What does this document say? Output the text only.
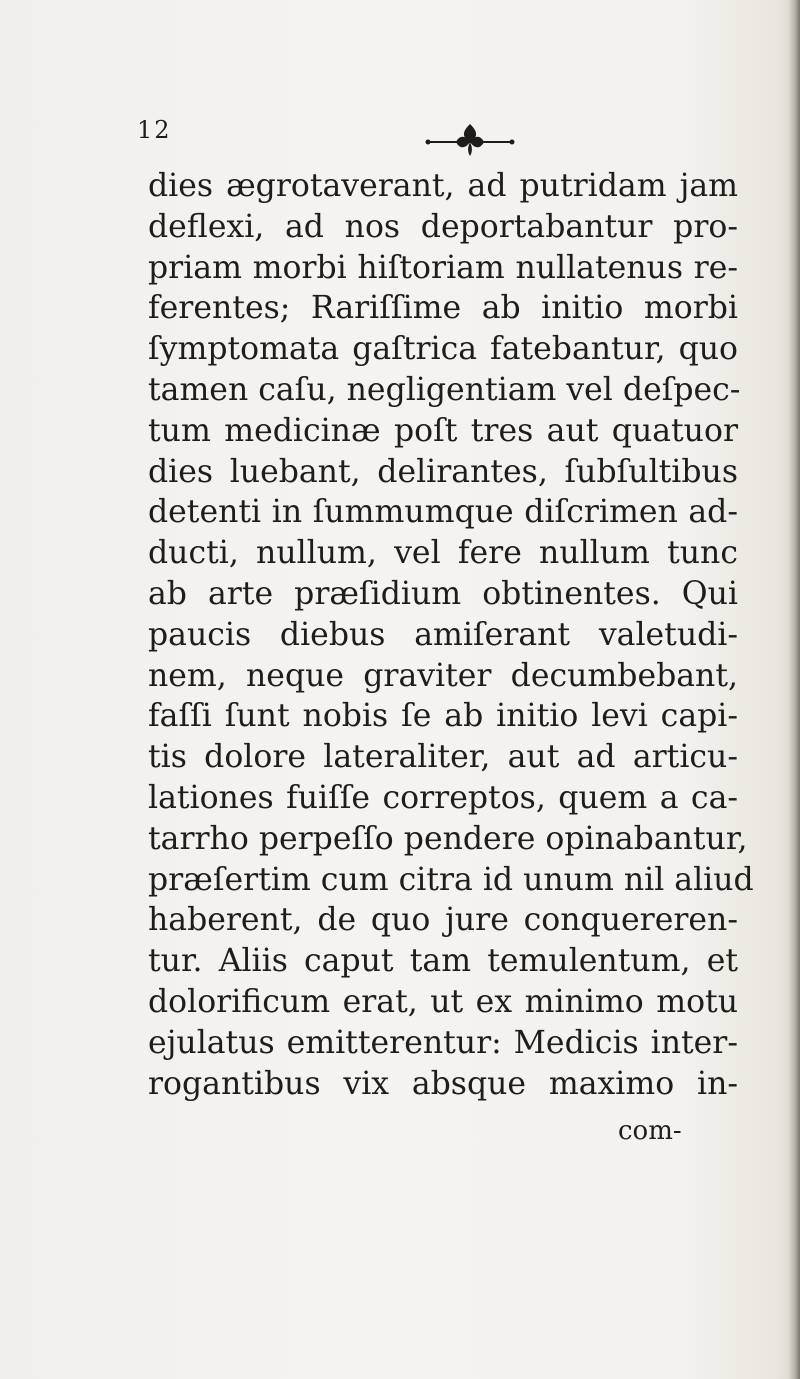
12
dies ægrotaverant, ad putridam jam
deflexi, ad nos deportabantur pro-
priam morbi hiſtoriam nullatenus re-
ferentes; Rariſſime ab initio morbi
ſymptomata gaſtrica fatebantur, quo
tamen caſu, negligentiam vel deſpec-
tum medicinæ poſt tres aut quatuor
dies luebant, delirantes, ſubſultibus
detenti in ſummumque diſcrimen ad-
ducti, nullum, vel fere nullum tunc
ab arte præſidium obtinentes. Qui
paucis diebus amiſerant valetudi-
nem, neque graviter decumbebant,
faſſi ſunt nobis ſe ab initio levi capi-
tis dolore lateraliter, aut ad articu-
lationes fuiſſe correptos, quem a ca-
tarrho perpeſſo pendere opinabantur,
præſertim cum citra id unum nil aliud
haberent, de quo jure conquereren-
tur. Aliis caput tam temulentum, et
dolorificum erat, ut ex minimo motu
ejulatus emitterentur: Medicis inter-
rogantibus vix absque maximo in-
com-
